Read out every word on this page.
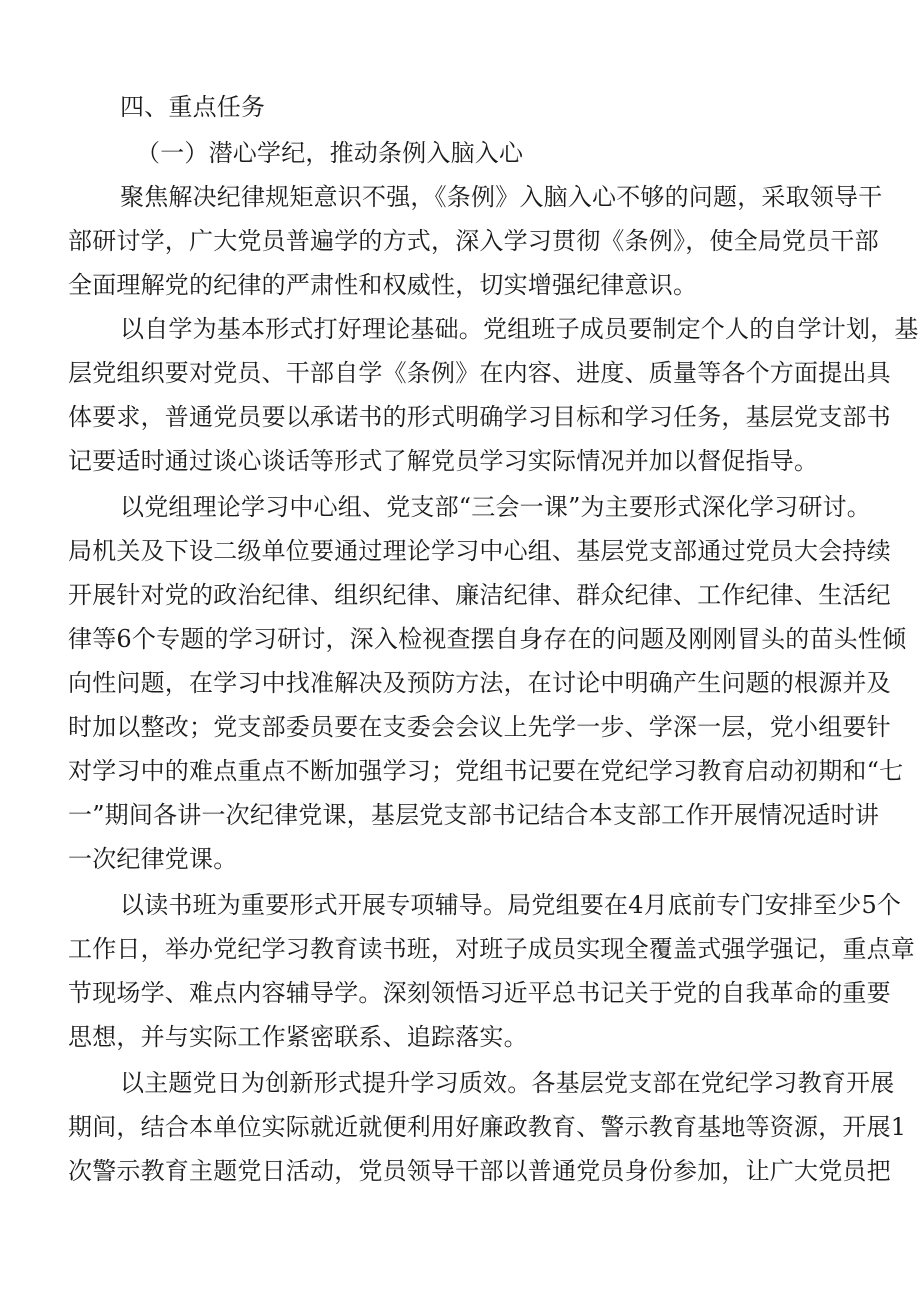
四、重点任务
（一）潜心学纪，推动条例入脑入心
聚焦解决纪律规矩意识不强，《条例》入脑入心不够的问题，采取领导干
部研讨学，广大党员普遍学的方式，深入学习贯彻《条例》，使全局党员干部
全面理解党的纪律的严肃性和权威性，切实增强纪律意识。
以自学为基本形式打好理论基础。党组班子成员要制定个人的自学计划，基
层党组织要对党员、干部自学《条例》在内容、进度、质量等各个方面提出具
体要求，普通党员要以承诺书的形式明确学习目标和学习任务，基层党支部书
记要适时通过谈心谈话等形式了解党员学习实际情况并加以督促指导。
以党组理论学习中心组、党支部“三会一课”为主要形式深化学习研讨。
局机关及下设二级单位要通过理论学习中心组、基层党支部通过党员大会持续
开展针对党的政治纪律、组织纪律、廉洁纪律、群众纪律、工作纪律、生活纪
律等6个专题的学习研讨，深入检视查摆自身存在的问题及刚刚冒头的苗头性倾
向性问题，在学习中找准解决及预防方法，在讨论中明确产生问题的根源并及
时加以整改；党支部委员要在支委会会议上先学一步、学深一层，党小组要针
对学习中的难点重点不断加强学习；党组书记要在党纪学习教育启动初期和“七
一”期间各讲一次纪律党课，基层党支部书记结合本支部工作开展情况适时讲
一次纪律党课。
以读书班为重要形式开展专项辅导。局党组要在4月底前专门安排至少5个
工作日，举办党纪学习教育读书班，对班子成员实现全覆盖式强学强记，重点章
节现场学、难点内容辅导学。深刻领悟习近平总书记关于党的自我革命的重要
思想，并与实际工作紧密联系、追踪落实。
以主题党日为创新形式提升学习质效。各基层党支部在党纪学习教育开展
期间，结合本单位实际就近就便利用好廉政教育、警示教育基地等资源，开展1
次警示教育主题党日活动，党员领导干部以普通党员身份参加，让广大党员把
